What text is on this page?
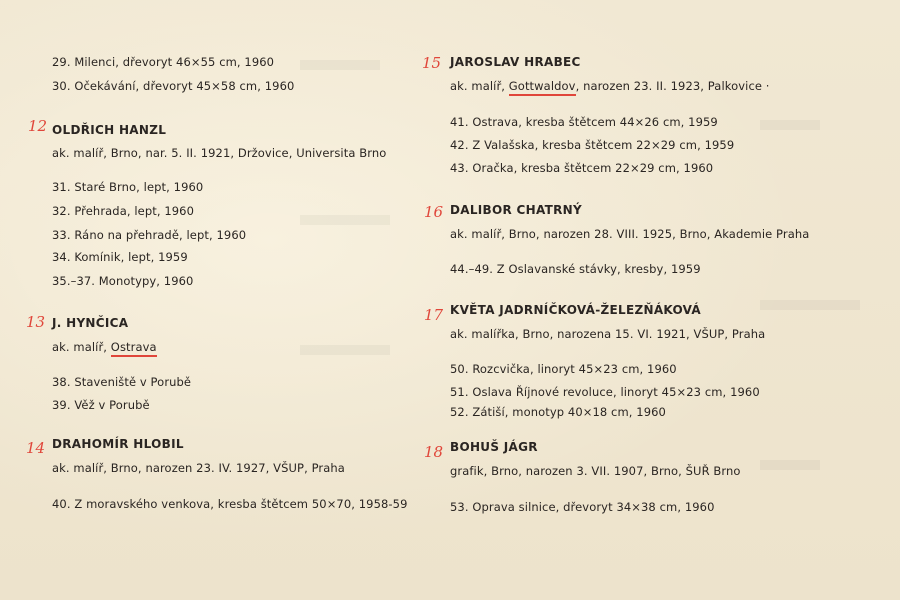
29. Milenci, dřevoryt 46×55 cm, 1960
30. Očekávání, dřevoryt 45×58 cm, 1960
12 OLDŘICH HANZL
ak. malíř, Brno, nar. 5. II. 1921, Držovice, Universita Brno
31. Staré Brno, lept, 1960
32. Přehrada, lept, 1960
33. Ráno na přehradě, lept, 1960
34. Komínik, lept, 1959
35.–37. Monotypy, 1960
13 J. HYNČICA
ak. malíř, Ostrava
38. Staveniště v Porubě
39. Věž v Porubě
14 DRAHOMÍR HLOBIL
ak. malíř, Brno, narozen 23. IV. 1927, VŠUP, Praha
40. Z moravského venkova, kresba štětcem 50×70, 1958-59
15 JAROSLAV HRABEC
ak. malíř, Gottwaldov, narozen 23. II. 1923, Palkovice ·
41. Ostrava, kresba štětcem 44×26 cm, 1959
42. Z Valašska, kresba štětcem 22×29 cm, 1959
43. Oračka, kresba štětcem 22×29 cm, 1960
16 DALIBOR CHATRNÝ
ak. malíř, Brno, narozen 28. VIII. 1925, Brno, Akademie Praha
44.–49. Z Oslavanské stávky, kresby, 1959
17 KVĚTA JADRNÍČKOVÁ-ŽELEZŇÁKOVÁ
ak. malířka, Brno, narozena 15. VI. 1921, VŠUP, Praha
50. Rozcvička, linoryt 45×23 cm, 1960
51. Oslava Říjnové revoluce, linoryt 45×23 cm, 1960
52. Zátiší, monotyp 40×18 cm, 1960
18 BOHUŠ JÁGR
grafik, Brno, narozen 3. VII. 1907, Brno, ŠUŘ Brno
53. Oprava silnice, dřevoryt 34×38 cm, 1960
